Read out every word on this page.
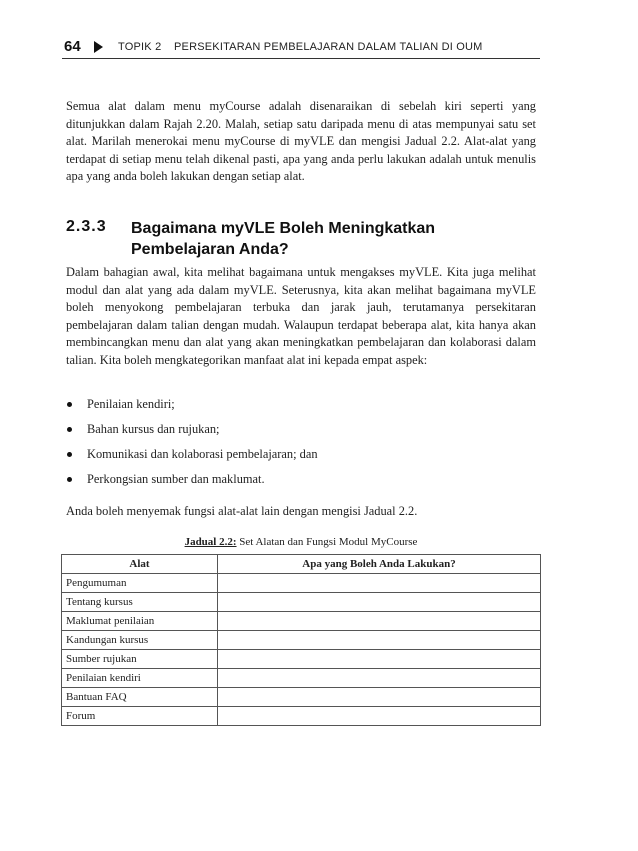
64	TOPIK 2 PERSEKITARAN PEMBELAJARAN DALAM TALIAN DI OUM

Semua alat dalam menu myCourse adalah disenaraikan di sebelah kiri seperti yang ditunjukkan dalam Rajah 2.20. Malah, setiap satu daripada menu di atas mempunyai satu set alat. Marilah menerokai menu myCourse di myVLE dan mengisi Jadual 2.2. Alat-alat yang terdapat di setiap menu telah dikenal pasti, apa yang anda perlu lakukan adalah untuk menulis apa yang anda boleh lakukan dengan setiap alat.

2.3.3 Bagaimana myVLE Boleh Meningkatkan Pembelajaran Anda?

Dalam bahagian awal, kita melihat bagaimana untuk mengakses myVLE. Kita juga melihat modul dan alat yang ada dalam myVLE. Seterusnya, kita akan melihat bagaimana myVLE boleh menyokong pembelajaran terbuka dan jarak jauh, terutamanya persekitaran pembelajaran dalam talian dengan mudah. Walaupun terdapat beberapa alat, kita hanya akan membincangkan menu dan alat yang akan meningkatkan pembelajaran dan kolaborasi dalam talian. Kita boleh mengkategorikan manfaat alat ini kepada empat aspek:

Penilaian kendiri;
Bahan kursus dan rujukan;
Komunikasi dan kolaborasi pembelajaran; dan
Perkongsian sumber dan maklumat.

Anda boleh menyemak fungsi alat-alat lain dengan mengisi Jadual 2.2.

Jadual 2.2: Set Alatan dan Fungsi Modul MyCourse
Alat	Apa yang Boleh Anda Lakukan?
Pengumuman	
Tentang kursus	
Maklumat penilaian	
Kandungan kursus	
Sumber rujukan	
Penilaian kendiri	
Bantuan FAQ	
Forum	
